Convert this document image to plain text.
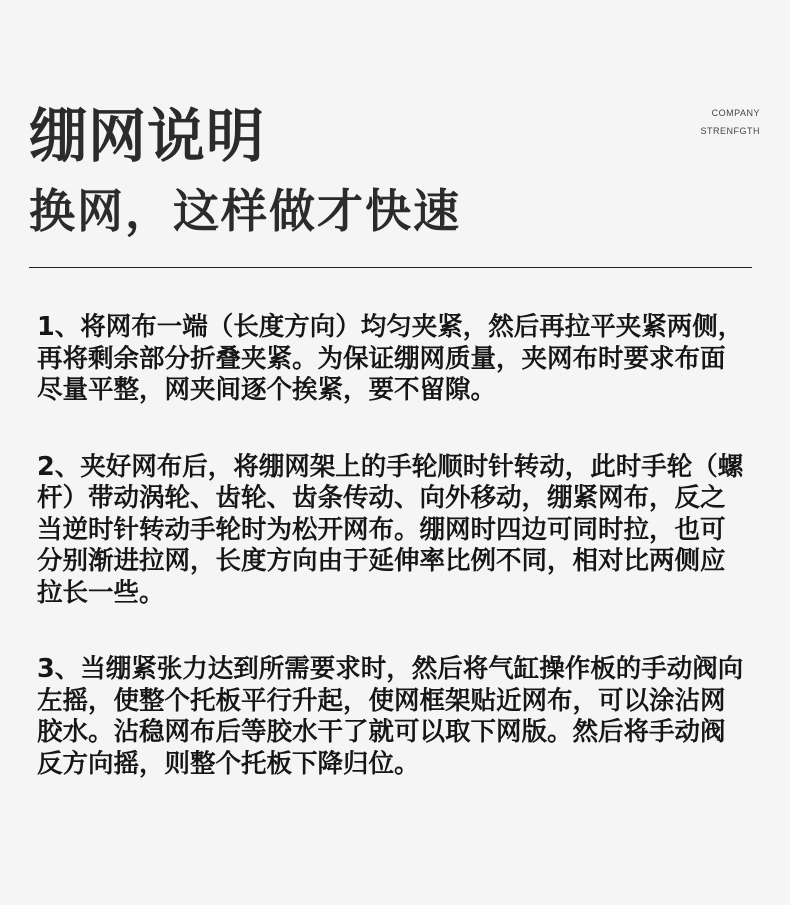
绷网说明
换网，这样做才快速
COMPANY
STRENFGTH

1、将网布一端（长度方向）均匀夹紧，然后再拉平夹紧两侧，再将剩余部分折叠夹紧。为保证绷网质量，夹网布时要求布面尽量平整，网夹间逐个挨紧，要不留隙。

2、夹好网布后，将绷网架上的手轮顺时针转动，此时手轮（螺杆）带动涡轮、齿轮、齿条传动、向外移动，绷紧网布，反之当逆时针转动手轮时为松开网布。绷网时四边可同时拉，也可分别渐进拉网，长度方向由于延伸率比例不同，相对比两侧应拉长一些。

3、当绷紧张力达到所需要求时，然后将气缸操作板的手动阀向左摇，使整个托板平行升起，使网框架贴近网布，可以涂沾网胶水。沾稳网布后等胶水干了就可以取下网版。然后将手动阀反方向摇，则整个托板下降归位。
